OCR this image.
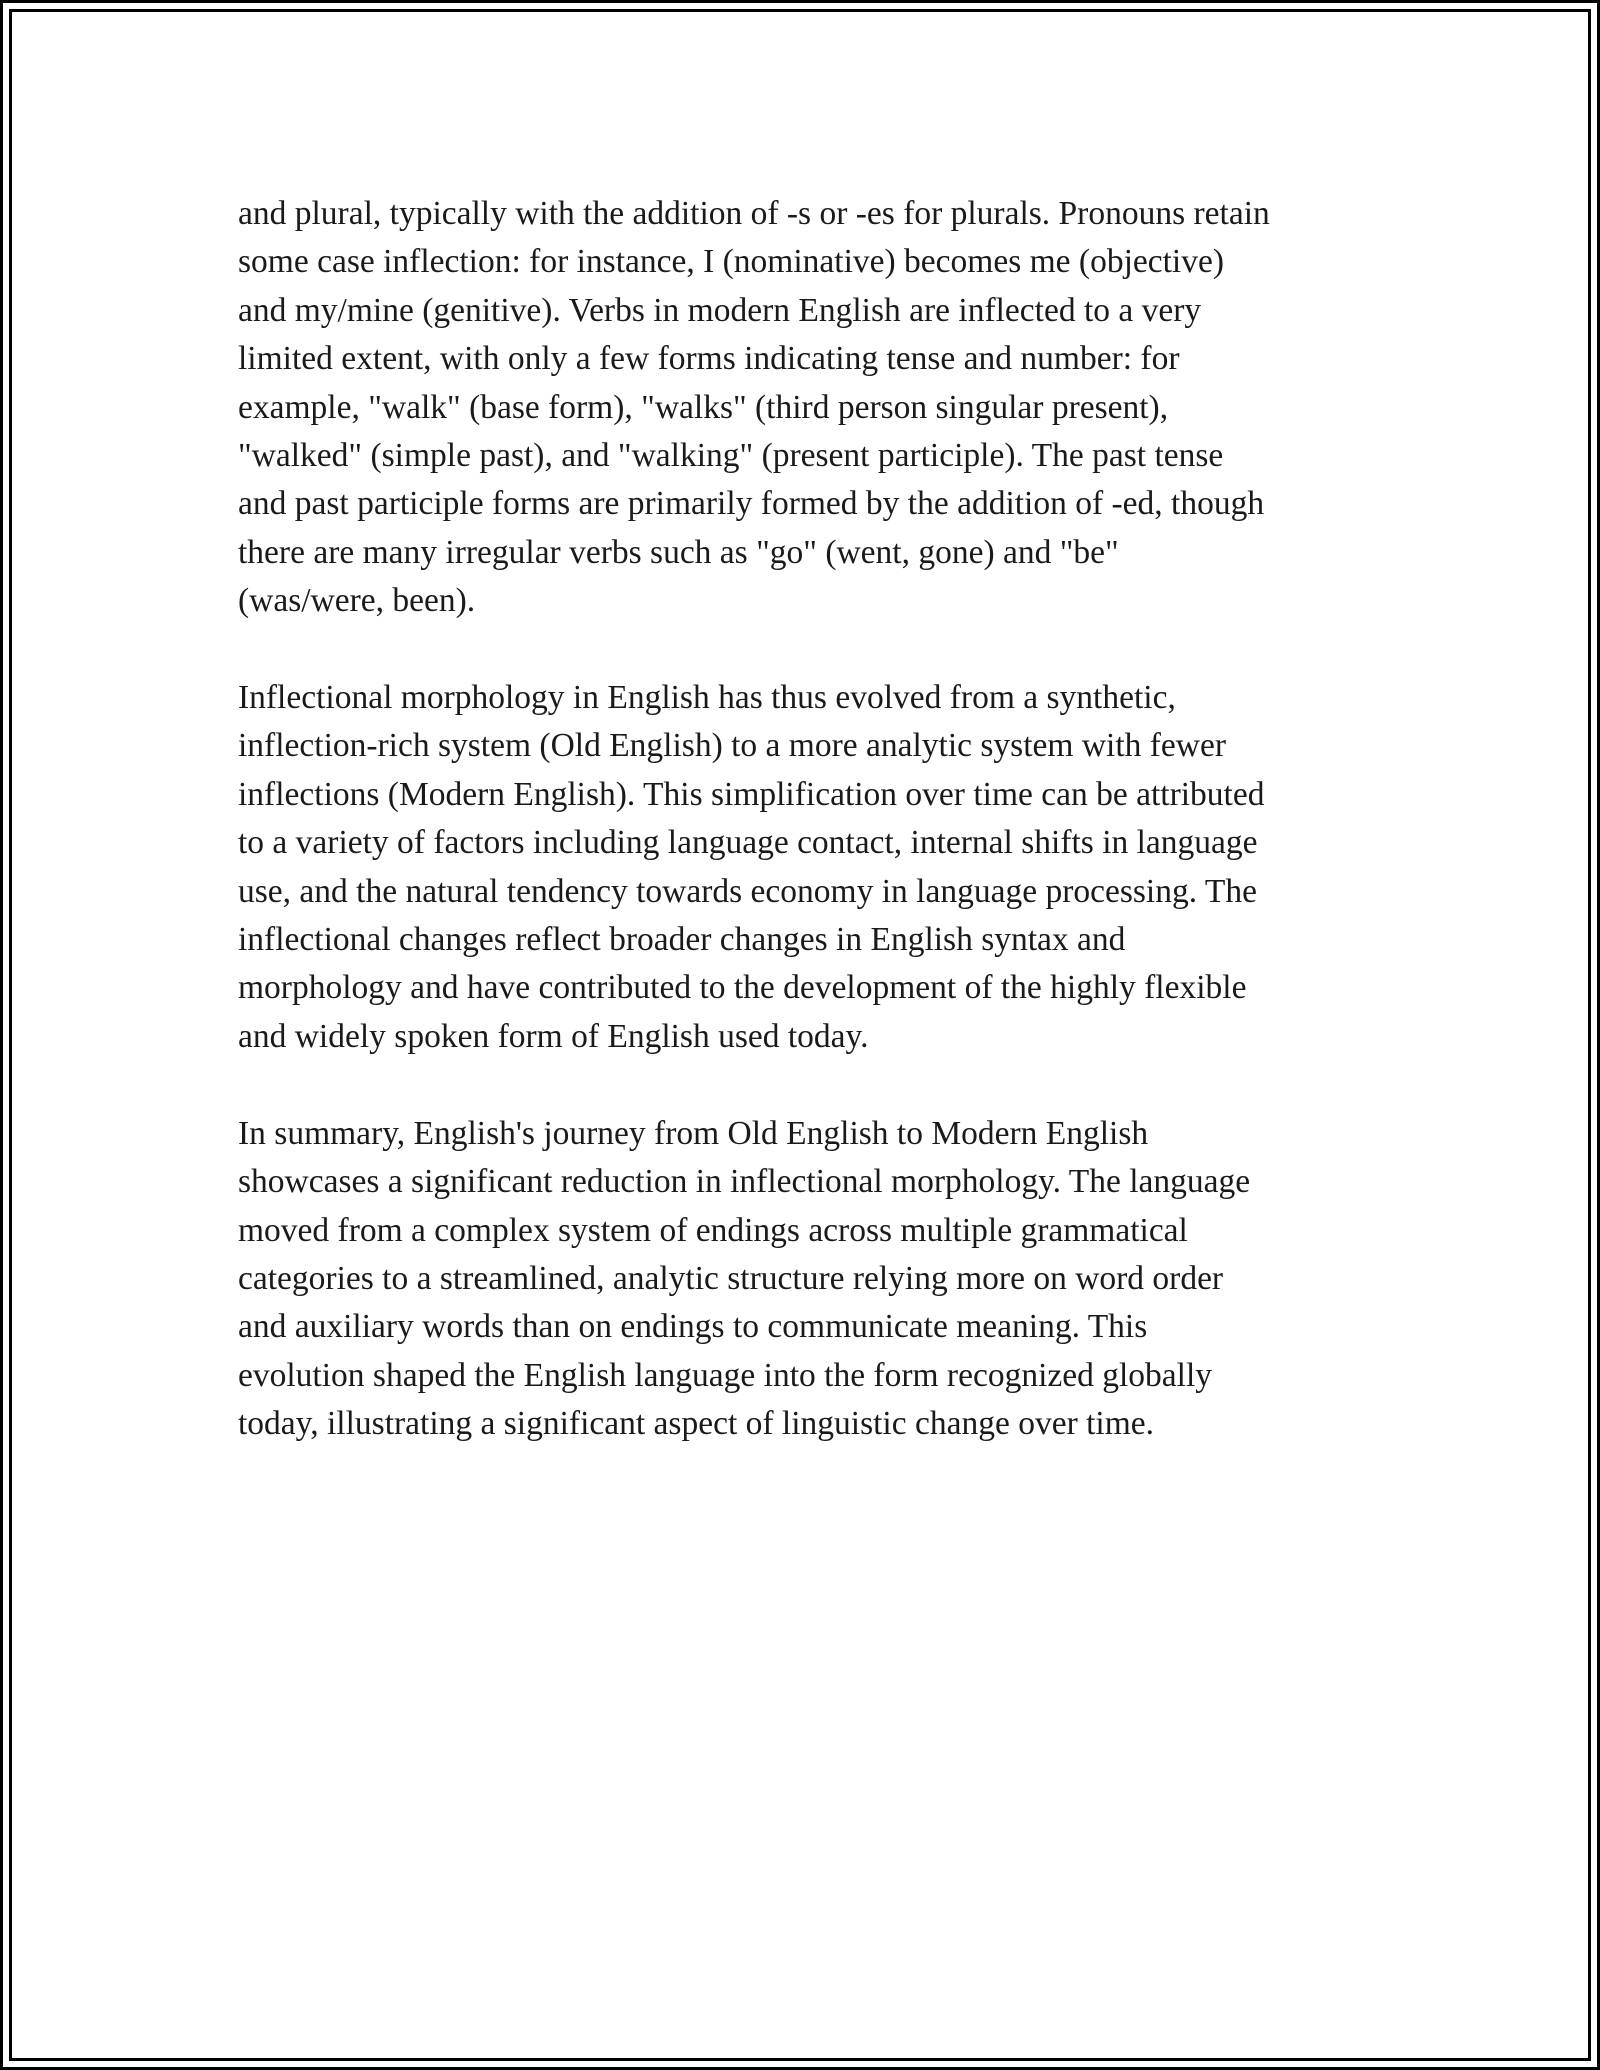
and plural, typically with the addition of -s or -es for plurals. Pronouns retain
some case inflection: for instance, I (nominative) becomes me (objective)
and my/mine (genitive). Verbs in modern English are inflected to a very
limited extent, with only a few forms indicating tense and number: for
example, "walk" (base form), "walks" (third person singular present),
"walked" (simple past), and "walking" (present participle). The past tense
and past participle forms are primarily formed by the addition of -ed, though
there are many irregular verbs such as "go" (went, gone) and "be"
(was/were, been).

Inflectional morphology in English has thus evolved from a synthetic,
inflection-rich system (Old English) to a more analytic system with fewer
inflections (Modern English). This simplification over time can be attributed
to a variety of factors including language contact, internal shifts in language
use, and the natural tendency towards economy in language processing. The
inflectional changes reflect broader changes in English syntax and
morphology and have contributed to the development of the highly flexible
and widely spoken form of English used today.

In summary, English's journey from Old English to Modern English
showcases a significant reduction in inflectional morphology. The language
moved from a complex system of endings across multiple grammatical
categories to a streamlined, analytic structure relying more on word order
and auxiliary words than on endings to communicate meaning. This
evolution shaped the English language into the form recognized globally
today, illustrating a significant aspect of linguistic change over time.
